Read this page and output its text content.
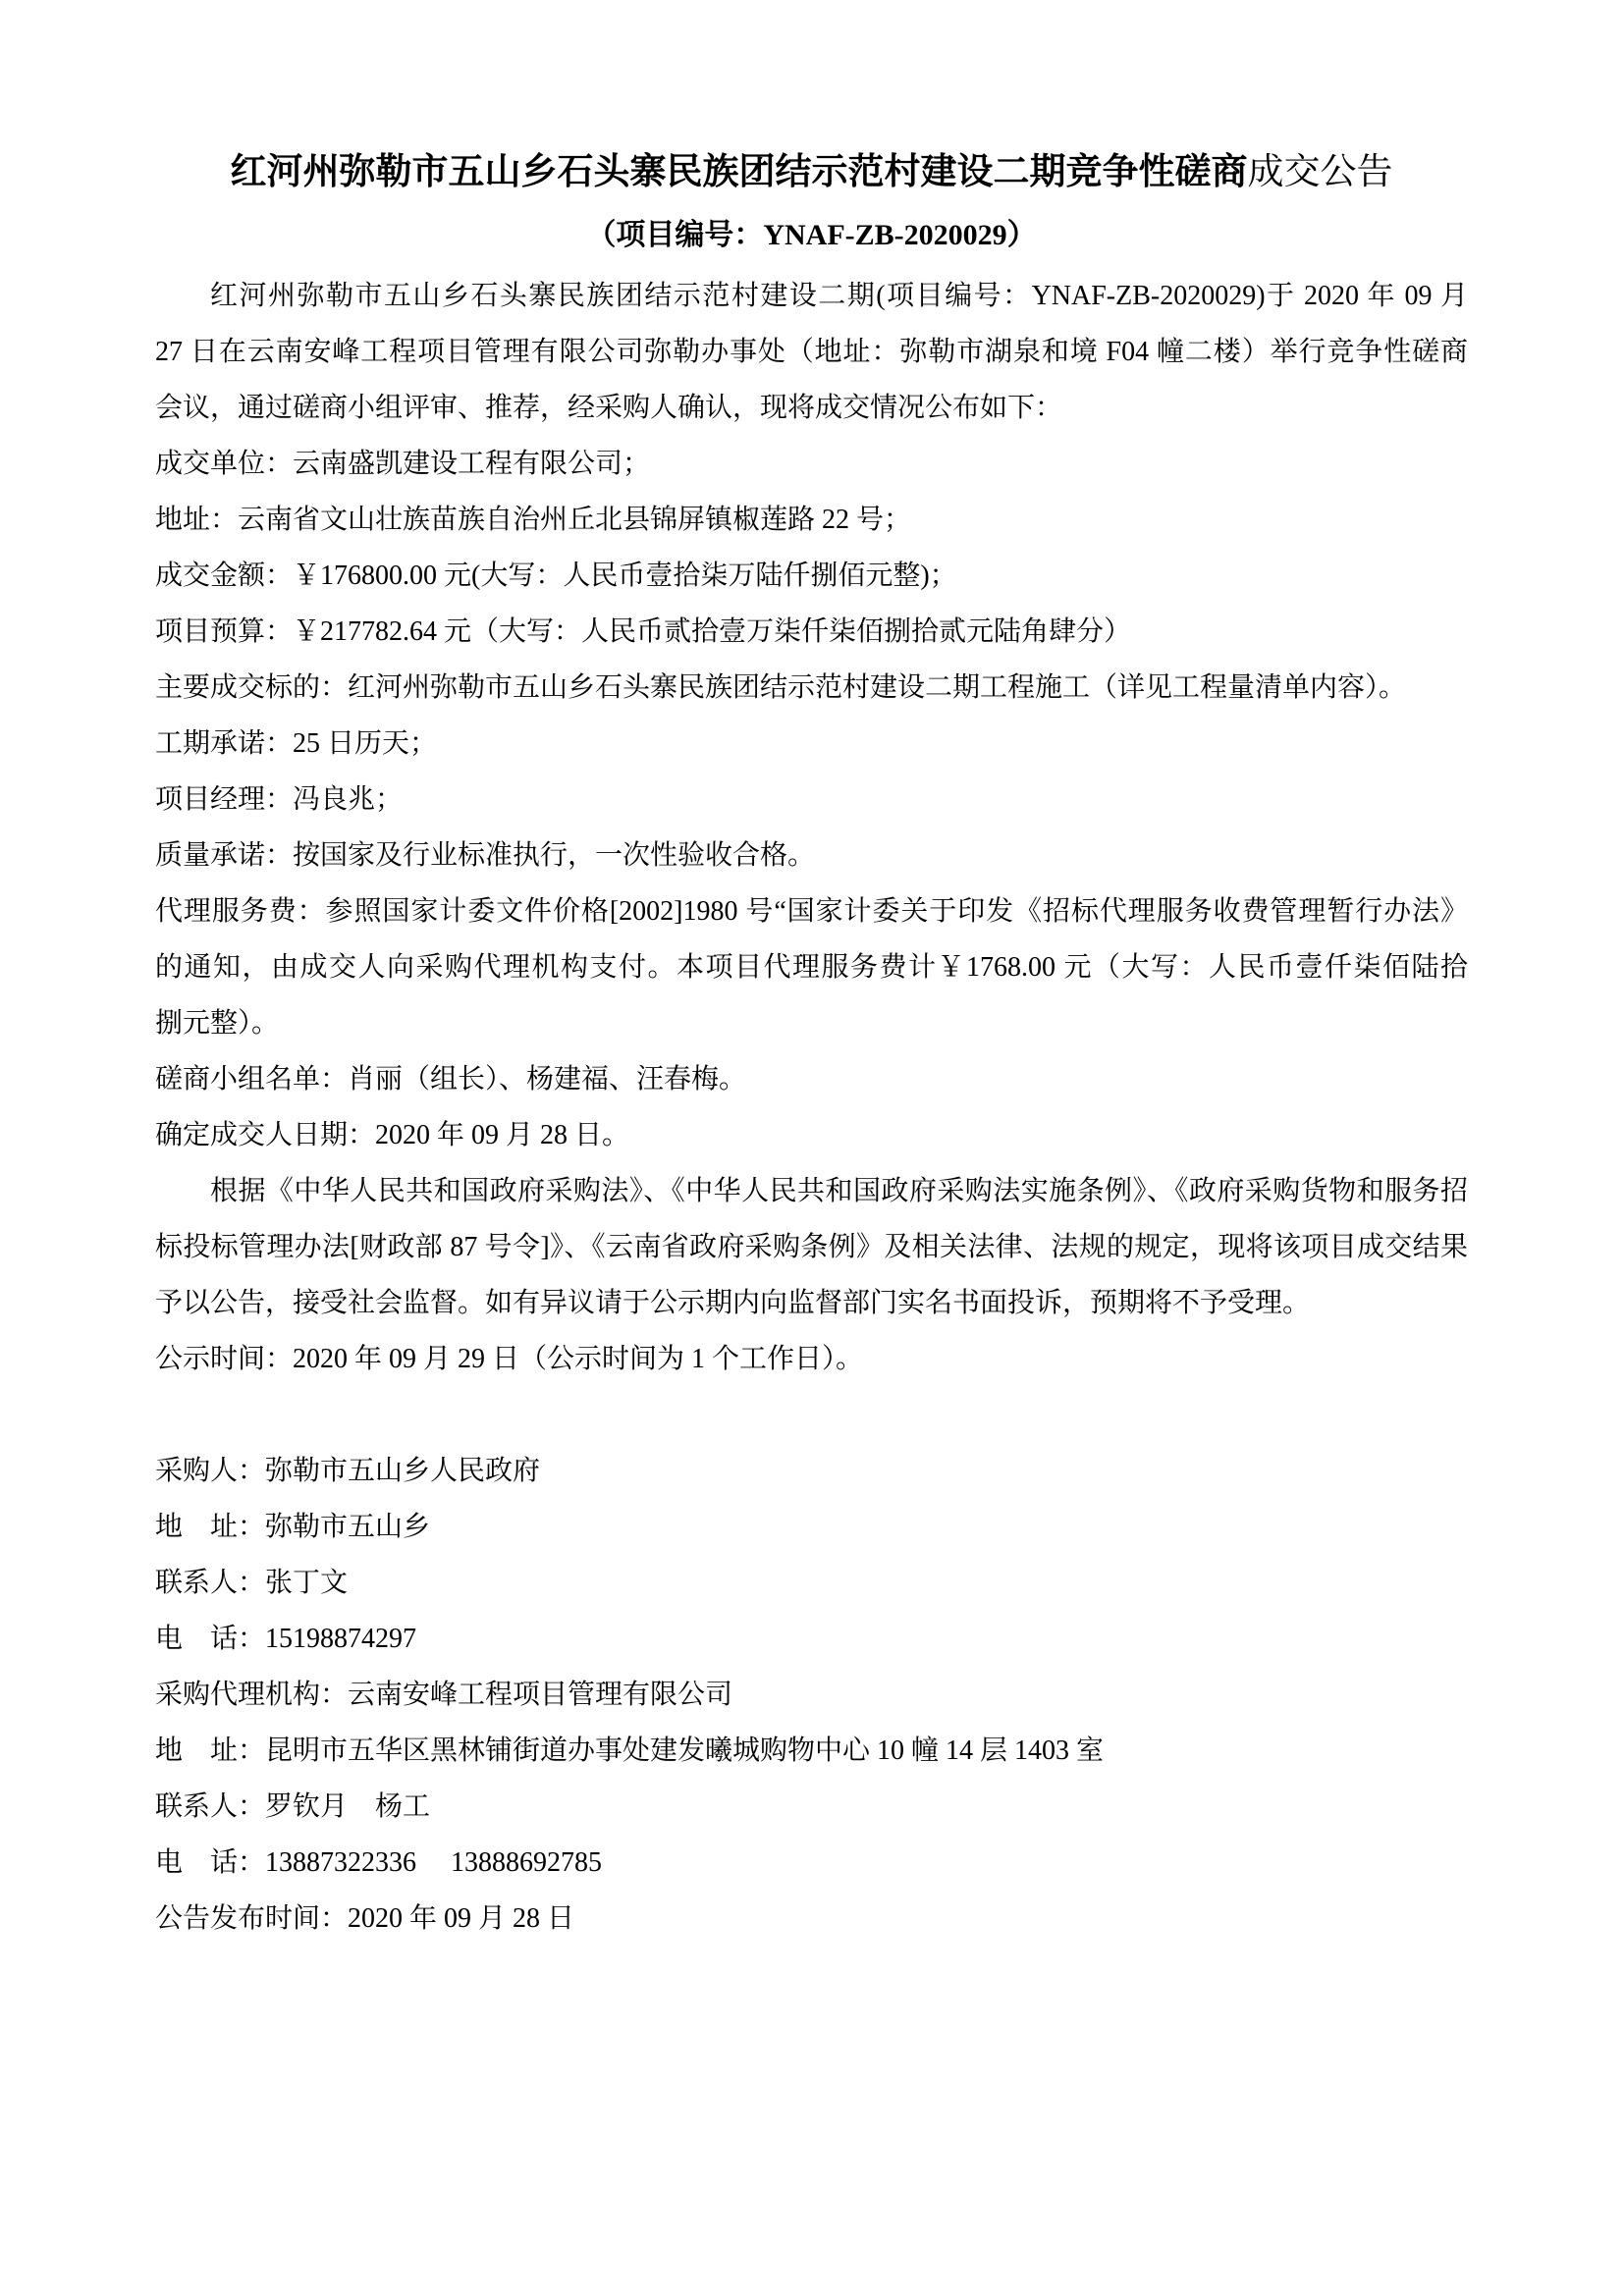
红河州弥勒市五山乡石头寨民族团结示范村建设二期竞争性磋商成交公告
（项目编号：YNAF-ZB-2020029）
红河州弥勒市五山乡石头寨民族团结示范村建设二期(项目编号：YNAF-ZB-2020029)于 2020 年 09 月
27 日在云南安峰工程项目管理有限公司弥勒办事处（地址：弥勒市湖泉和境 F04 幢二楼）举行竞争性磋商
会议，通过磋商小组评审、推荐，经采购人确认，现将成交情况公布如下：
成交单位：云南盛凯建设工程有限公司；
地址：云南省文山壮族苗族自治州丘北县锦屏镇椒莲路 22 号；
成交金额：￥176800.00 元(大写：人民币壹拾柒万陆仟捌佰元整)；
项目预算：￥217782.64 元（大写：人民币贰拾壹万柒仟柒佰捌拾贰元陆角肆分）
主要成交标的：红河州弥勒市五山乡石头寨民族团结示范村建设二期工程施工（详见工程量清单内容）。
工期承诺：25 日历天；
项目经理：冯良兆；
质量承诺：按国家及行业标准执行，一次性验收合格。
代理服务费：参照国家计委文件价格[2002]1980 号“国家计委关于印发《招标代理服务收费管理暂行办法》
的通知，由成交人向采购代理机构支付。本项目代理服务费计￥1768.00 元（大写：人民币壹仟柒佰陆拾
捌元整）。
磋商小组名单：肖丽（组长）、杨建福、汪春梅。
确定成交人日期：2020 年 09 月 28 日。
根据《中华人民共和国政府采购法》、《中华人民共和国政府采购法实施条例》、《政府采购货物和服务招
标投标管理办法[财政部 87 号令]》、《云南省政府采购条例》及相关法律、法规的规定，现将该项目成交结果
予以公告，接受社会监督。如有异议请于公示期内向监督部门实名书面投诉，预期将不予受理。
公示时间：2020 年 09 月 29 日（公示时间为 1 个工作日）。
采购人：弥勒市五山乡人民政府
地　址：弥勒市五山乡
联系人：张丁文
电　话：15198874297
采购代理机构：云南安峰工程项目管理有限公司
地　址：昆明市五华区黑林铺街道办事处建发曦城购物中心 10 幢 14 层 1403 室
联系人：罗钦月　杨工
电　话：13887322336　 13888692785
公告发布时间：2020 年 09 月 28 日
